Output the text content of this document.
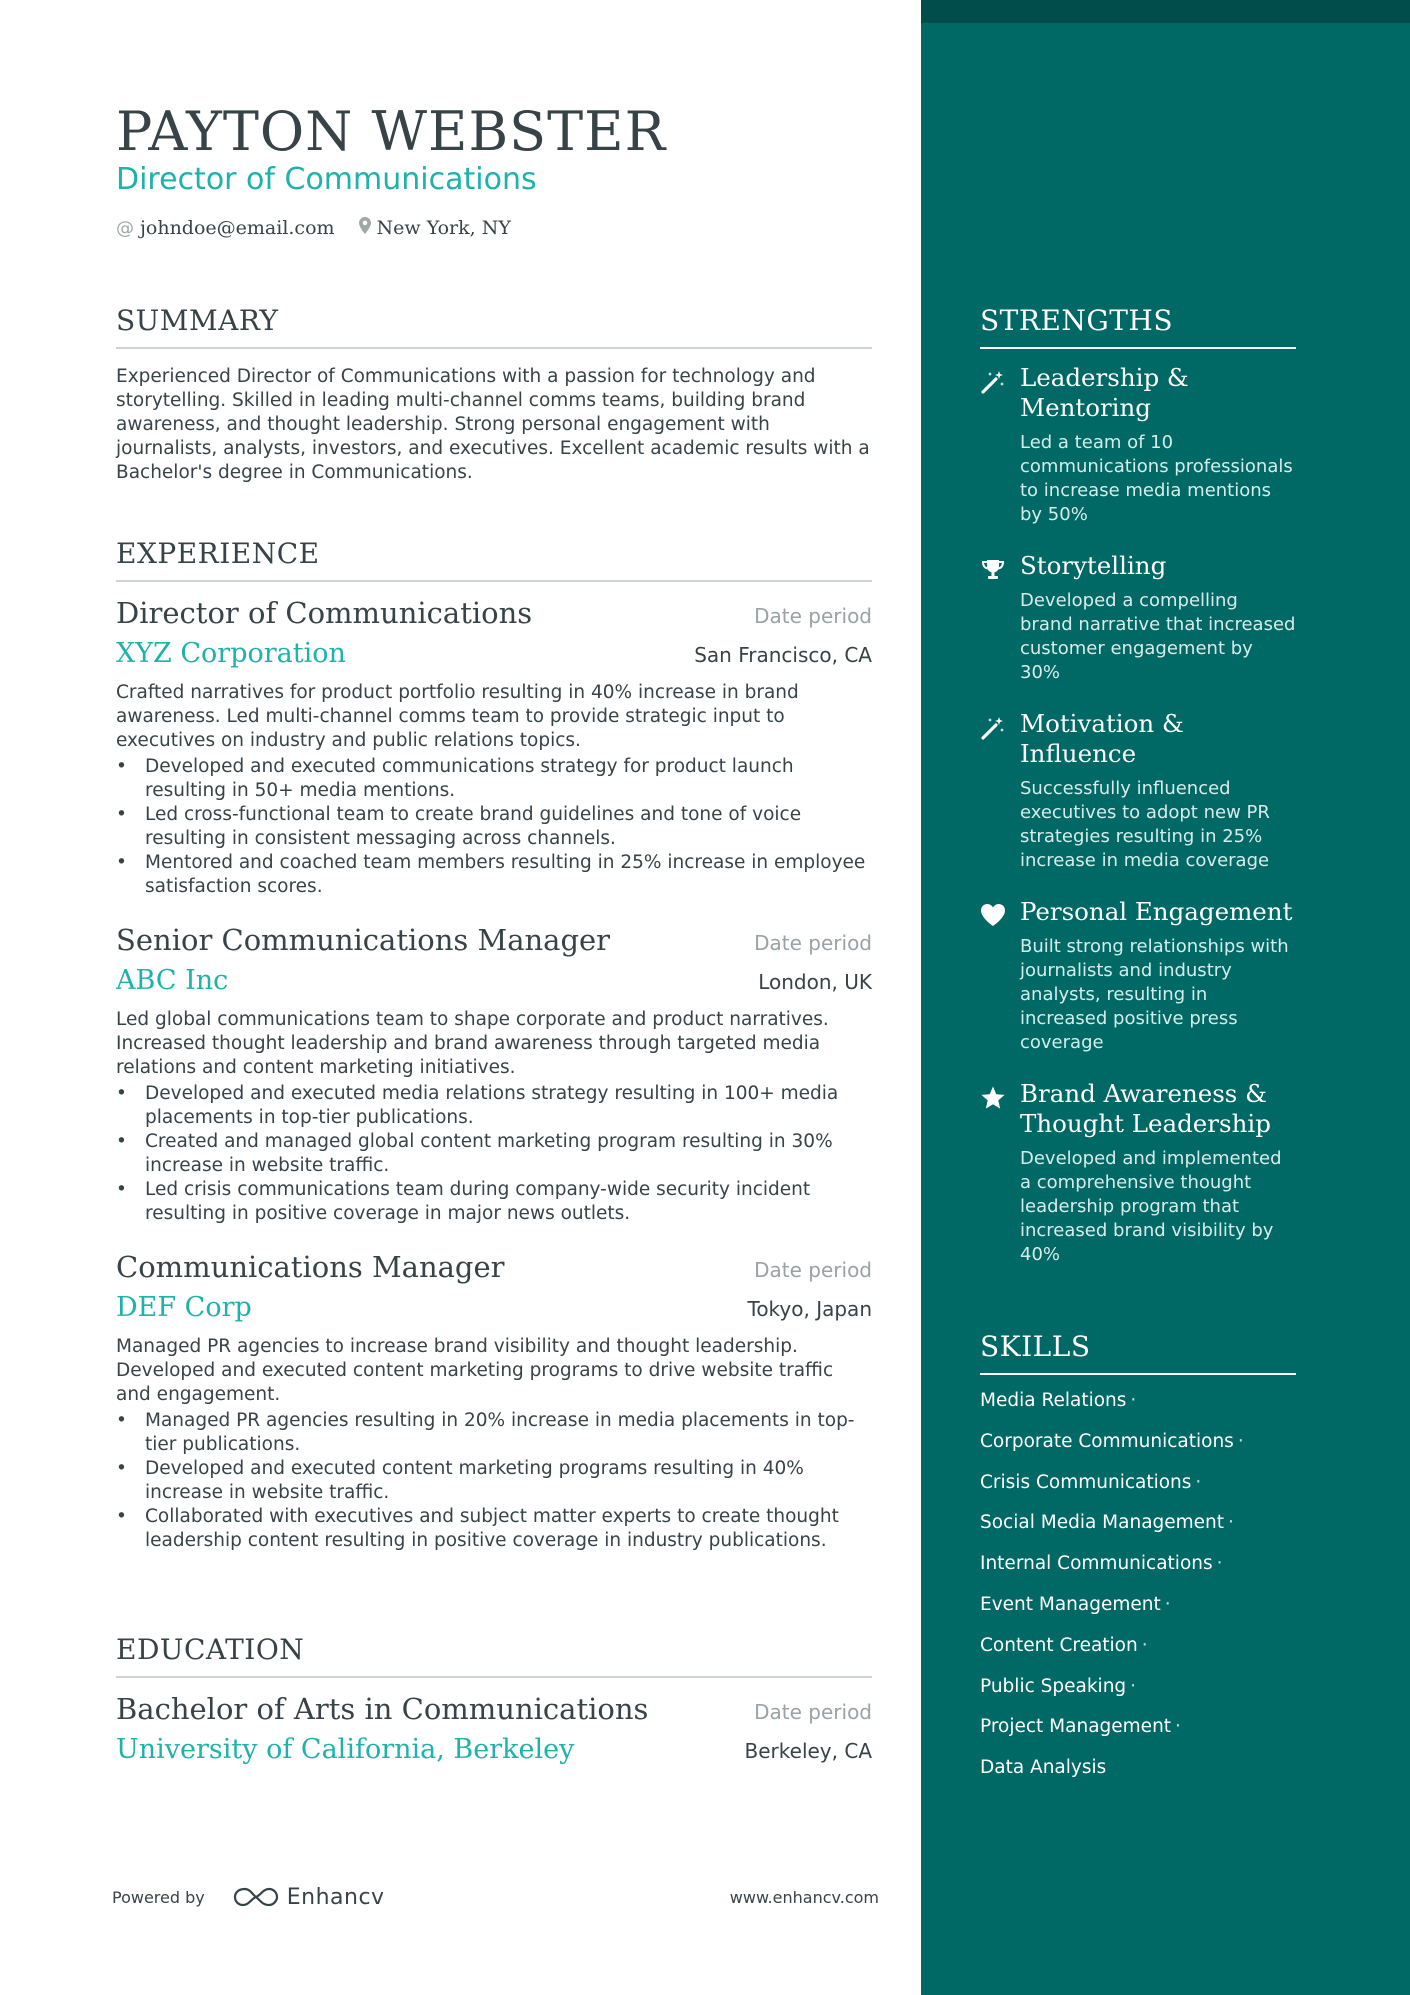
PAYTON WEBSTER
Director of Communications
@ johndoe@email.com New York, NY
SUMMARY

Experienced Director of Communications with a passion for technology and storytelling. Skilled in leading multi-channel comms teams, building brand awareness, and thought leadership. Strong personal engagement with journalists, analysts, investors, and executives. Excellent academic results with a Bachelor's degree in Communications.

EXPERIENCE
Director of Communications	Date period
XYZ Corporation	San Francisco, CA
Crafted narratives for product portfolio resulting in 40% increase in brand awareness. Led multi-channel comms team to provide strategic input to executives on industry and public relations topics.
• Developed and executed communications strategy for product launch resulting in 50+ media mentions.
• Led cross-functional team to create brand guidelines and tone of voice resulting in consistent messaging across channels.
• Mentored and coached team members resulting in 25% increase in employee satisfaction scores.
Senior Communications Manager	Date period
ABC Inc	London, UK
Led global communications team to shape corporate and product narratives. Increased thought leadership and brand awareness through targeted media relations and content marketing initiatives.
• Developed and executed media relations strategy resulting in 100+ media placements in top-tier publications.
• Created and managed global content marketing program resulting in 30% increase in website traffic.
• Led crisis communications team during company-wide security incident resulting in positive coverage in major news outlets.
Communications Manager	Date period
DEF Corp	Tokyo, Japan
Managed PR agencies to increase brand visibility and thought leadership. Developed and executed content marketing programs to drive website traffic and engagement.
• Managed PR agencies resulting in 20% increase in media placements in top-tier publications.
• Developed and executed content marketing programs resulting in 40% increase in website traffic.
• Collaborated with executives and subject matter experts to create thought leadership content resulting in positive coverage in industry publications.
EDUCATION
Bachelor of Arts in Communications	Date period
University of California, Berkeley	Berkeley, CA
Powered by	Enhancv	www.enhancv.com
STRENGTHS
Leadership & Mentoring
Led a team of 10 communications professionals to increase media mentions by 50%
Storytelling
Developed a compelling brand narrative that increased customer engagement by 30%
Motivation & Influence
Successfully influenced executives to adopt new PR strategies resulting in 25% increase in media coverage
Personal Engagement
Built strong relationships with journalists and industry analysts, resulting in increased positive press coverage
Brand Awareness & Thought Leadership
Developed and implemented a comprehensive thought leadership program that increased brand visibility by 40%
SKILLS
Media Relations ·
Corporate Communications ·
Crisis Communications ·
Social Media Management ·
Internal Communications ·
Event Management ·
Content Creation ·
Public Speaking ·
Project Management ·
Data Analysis
